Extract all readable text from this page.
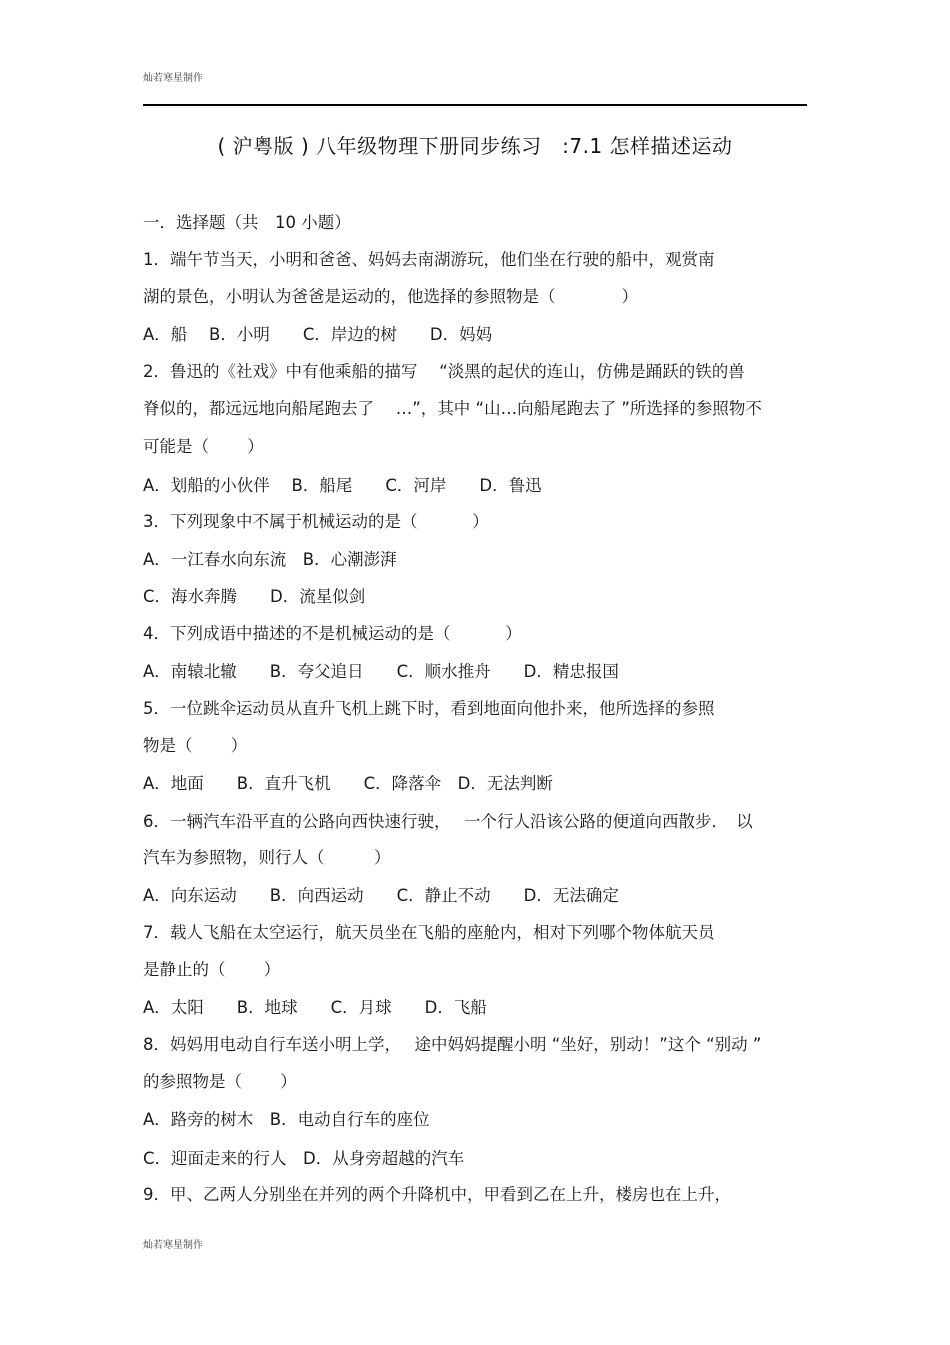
灿若寒星制作
( 沪粤版 ) 八年级物理下册同步练习　:7.1 怎样描述运动
一．选择题（共　10 小题）
1．端午节当天，小明和爸爸、妈妈去南湖游玩，他们坐在行驶的船中，观赏南
湖的景色，小明认为爸爸是运动的，他选择的参照物是（　　　　）
A．船　 B．小明　　C．岸边的树　　D．妈妈
2．鲁迅的《社戏》中有他乘船的描写　 “淡黑的起伏的连山，仿佛是踊跃的铁的兽
脊似的，都远远地向船尾跑去了　 …”，其中 “山…向船尾跑去了 ”所选择的参照物不
可能是（　　 ）
A．划船的小伙伴　 B．船尾　　C．河岸　　D．鲁迅
3．下列现象中不属于机械运动的是（　　　 ）
A．一江春水向东流　B．心潮澎湃
C．海水奔腾　　D．流星似剑
4．下列成语中描述的不是机械运动的是（　　　 ）
A．南辕北辙　　B．夸父追日　　C．顺水推舟　　D．精忠报国
5．一位跳伞运动员从直升飞机上跳下时，看到地面向他扑来，他所选择的参照
物是（　　 ）
A．地面　　B．直升飞机　　C．降落伞　D．无法判断
6．一辆汽车沿平直的公路向西快速行驶，　 一个行人沿该公路的便道向西散步．　以
汽车为参照物，则行人（　　　）
A．向东运动　　B．向西运动　　C．静止不动　　D．无法确定
7．载人飞船在太空运行，航天员坐在飞船的座舱内，相对下列哪个物体航天员
是静止的（　　 ）
A．太阳　　B．地球　　C．月球　　D．飞船
8．妈妈用电动自行车送小明上学，　 途中妈妈提醒小明 “坐好，别动！”这个 “别动 ”
的参照物是（　　 ）
A．路旁的树木　B．电动自行车的座位
C．迎面走来的行人　D．从身旁超越的汽车
9．甲、乙两人分别坐在并列的两个升降机中，甲看到乙在上升，楼房也在上升，
灿若寒星制作
